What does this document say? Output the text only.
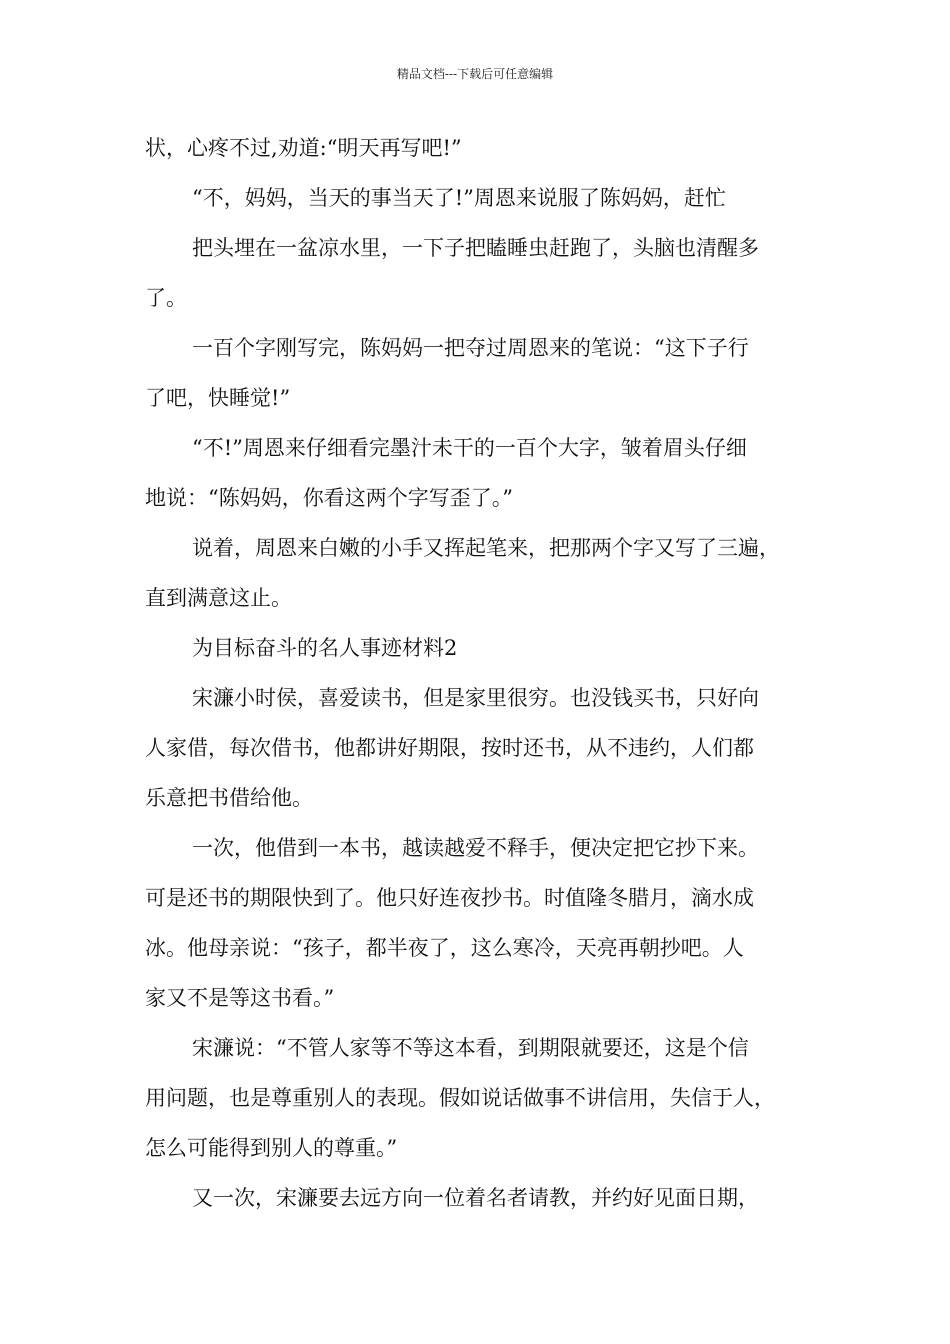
精品文档---下载后可任意编辑
状，心疼不过,劝道:“明天再写吧!”
“不，妈妈，当天的事当天了!”周恩来说服了陈妈妈，赶忙
把头埋在一盆凉水里，一下子把瞌睡虫赶跑了，头脑也清醒多
了。
一百个字刚写完，陈妈妈一把夺过周恩来的笔说：“这下子行
了吧，快睡觉!”
“不!”周恩来仔细看完墨汁未干的一百个大字，皱着眉头仔细
地说：“陈妈妈，你看这两个字写歪了。”
说着，周恩来白嫩的小手又挥起笔来，把那两个字又写了三遍，
直到满意这止。
为目标奋斗的名人事迹材料2
宋濂小时侯，喜爱读书，但是家里很穷。也没钱买书，只好向
人家借，每次借书，他都讲好期限，按时还书，从不违约，人们都
乐意把书借给他。
一次，他借到一本书，越读越爱不释手，便决定把它抄下来。
可是还书的期限快到了。他只好连夜抄书。时值隆冬腊月，滴水成
冰。他母亲说：“孩子，都半夜了，这么寒冷，天亮再朝抄吧。人
家又不是等这书看。”
宋濂说：“不管人家等不等这本看，到期限就要还，这是个信
用问题，也是尊重别人的表现。假如说话做事不讲信用，失信于人，
怎么可能得到别人的尊重。”
又一次，宋濂要去远方向一位着名者请教，并约好见面日期，
